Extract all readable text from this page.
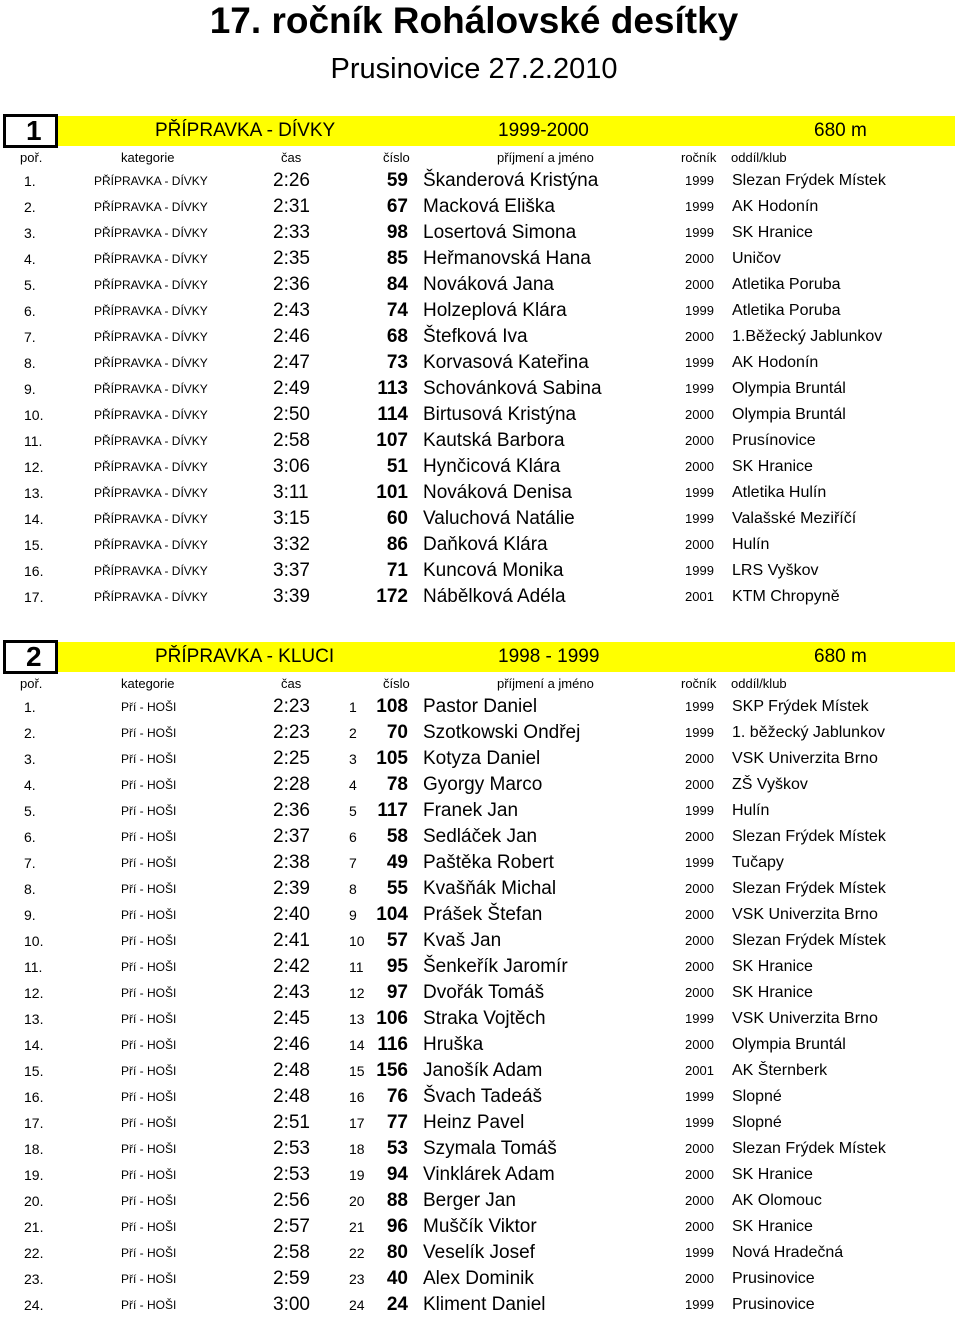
17. ročník Rohálovské desítky
Prusinovice 27.2.2010
1	PŘÍPRAVKA - DÍVKY	1999-2000	680 m
poř.	kategorie	čas	číslo	příjmení a jméno	ročník oddíl/klub
1.	PŘÍPRAVKA - DÍVKY	2:26	59 Škanderová Kristýna	1999 Slezan Frýdek Místek
2.	PŘÍPRAVKA - DÍVKY	2:31	67 Macková Eliška	1999 AK Hodonín
3.	PŘÍPRAVKA - DÍVKY	2:33	98 Losertová Simona	1999 SK Hranice
4.	PŘÍPRAVKA - DÍVKY	2:35	85 Heřmanovská Hana	2000 Uničov
5.	PŘÍPRAVKA - DÍVKY	2:36	84 Nováková Jana	2000 Atletika Poruba
6.	PŘÍPRAVKA - DÍVKY	2:43	74 Holzeplová Klára	1999 Atletika Poruba
7.	PŘÍPRAVKA - DÍVKY	2:46	68 Štefková Iva	2000 1.Běžecký Jablunkov
8.	PŘÍPRAVKA - DÍVKY	2:47	73 Korvasová Kateřina	1999 AK Hodonín
9.	PŘÍPRAVKA - DÍVKY	2:49	113 Schovánková Sabina	1999 Olympia Bruntál
10.	PŘÍPRAVKA - DÍVKY	2:50	114 Birtusová Kristýna	2000 Olympia Bruntál
11.	PŘÍPRAVKA - DÍVKY	2:58	107 Kautská Barbora	2000 Prusínovice
12.	PŘÍPRAVKA - DÍVKY	3:06	51 Hynčicová Klára	2000 SK Hranice
13.	PŘÍPRAVKA - DÍVKY	3:11	101 Nováková Denisa	1999 Atletika Hulín
14.	PŘÍPRAVKA - DÍVKY	3:15	60 Valuchová Natálie	1999 Valašské Meziříčí
15.	PŘÍPRAVKA - DÍVKY	3:32	86 Daňková Klára	2000 Hulín
16.	PŘÍPRAVKA - DÍVKY	3:37	71 Kuncová Monika	1999 LRS Vyškov
17.	PŘÍPRAVKA - DÍVKY	3:39	172 Nábělková Adéla	2001 KTM Chropyně
2	PŘÍPRAVKA - KLUCI	1998 - 1999	680 m
poř.	kategorie	čas	číslo	příjmení a jméno	ročník oddíl/klub
1.	Pří - HOŠI	2:23	1 108 Pastor Daniel	1999 SKP Frýdek Místek
2.	Pří - HOŠI	2:23	2 70 Szotkowski Ondřej	1999 1. běžecký Jablunkov
3.	Pří - HOŠI	2:25	3 105 Kotyza Daniel	2000 VSK Univerzita Brno
4.	Pří - HOŠI	2:28	4 78 Gyorgy Marco	2000 ZŠ Vyškov
5.	Pří - HOŠI	2:36	5 117 Franek Jan	1999 Hulín
6.	Pří - HOŠI	2:37	6 58 Sedláček Jan	2000 Slezan Frýdek Místek
7.	Pří - HOŠI	2:38	7 49 Paštěka Robert	1999 Tučapy
8.	Pří - HOŠI	2:39	8 55 Kvašňák Michal	2000 Slezan Frýdek Místek
9.	Pří - HOŠI	2:40	9 104 Prášek Štefan	2000 VSK Univerzita Brno
10.	Pří - HOŠI	2:41	10 57 Kvaš Jan	2000 Slezan Frýdek Místek
11.	Pří - HOŠI	2:42	11 95 Šenkeřík Jaromír	2000 SK Hranice
12.	Pří - HOŠI	2:43	12 97 Dvořák Tomáš	2000 SK Hranice
13.	Pří - HOŠI	2:45	13 106 Straka Vojtěch	1999 VSK Univerzita Brno
14.	Pří - HOŠI	2:46	14 116 Hruška	2000 Olympia Bruntál
15.	Pří - HOŠI	2:48	15 156 Janošík Adam	2001 AK Šternberk
16.	Pří - HOŠI	2:48	16 76 Švach Tadeáš	1999 Slopné
17.	Pří - HOŠI	2:51	17 77 Heinz Pavel	1999 Slopné
18.	Pří - HOŠI	2:53	18 53 Szymala Tomáš	2000 Slezan Frýdek Místek
19.	Pří - HOŠI	2:53	19 94 Vinklárek Adam	2000 SK Hranice
20.	Pří - HOŠI	2:56	20 88 Berger Jan	2000 AK Olomouc
21.	Pří - HOŠI	2:57	21 96 Muščík Viktor	2000 SK Hranice
22.	Pří - HOŠI	2:58	22 80 Veselík Josef	1999 Nová Hradečná
23.	Pří - HOŠI	2:59	23 40 Alex Dominik	2000 Prusinovice
24.	Pří - HOŠI	3:00	24 24 Kliment Daniel	1999 Prusinovice
